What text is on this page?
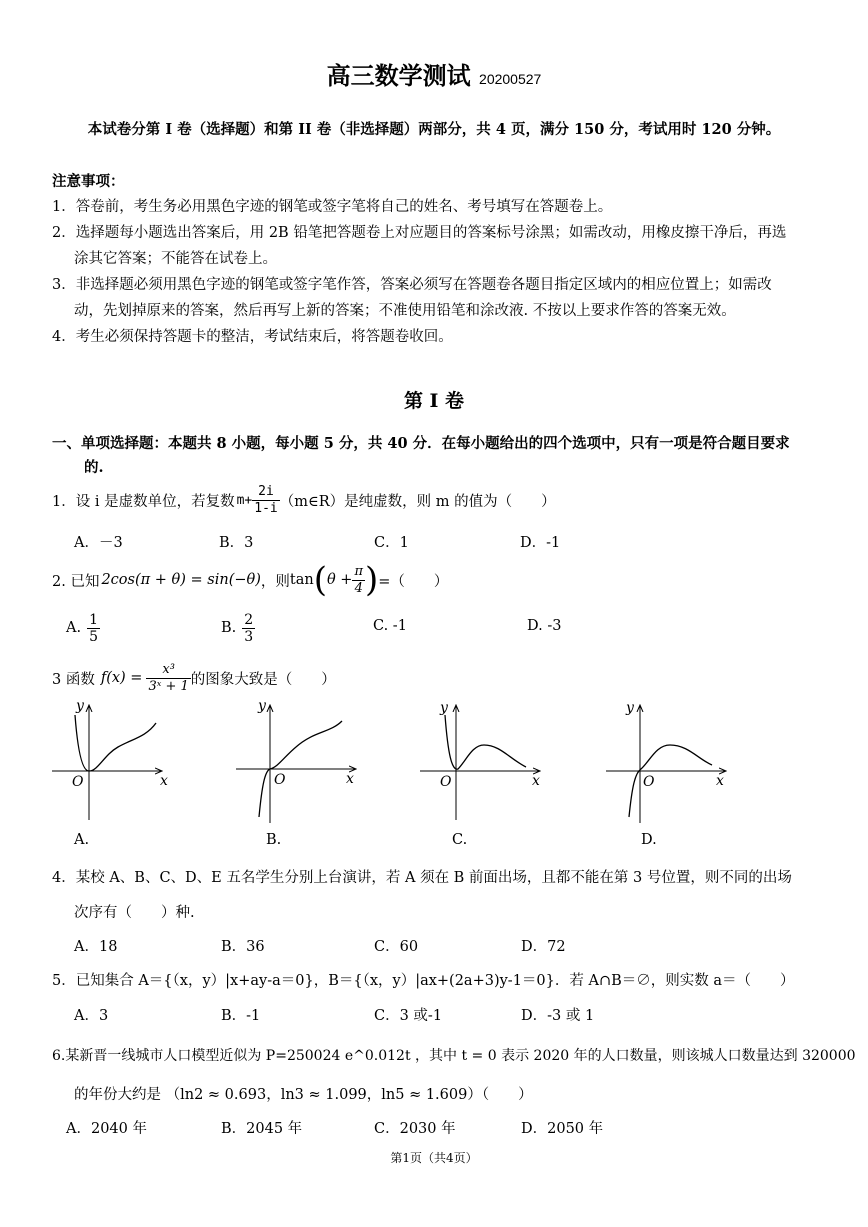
高三数学测试 20200527
本试卷分第 I 卷（选择题）和第 II 卷（非选择题）两部分，共 4 页，满分 150 分，考试用时 120 分钟。
注意事项：
1．答卷前，考生务必用黑色字迹的钢笔或签字笔将自己的姓名、考号填写在答题卷上。
2．选择题每小题选出答案后，用 2B 铅笔把答题卷上对应题目的答案标号涂黑；如需改动，用橡皮擦干净后，再选
涂其它答案；不能答在试卷上。
3．非选择题必须用黑色字迹的钢笔或签字笔作答，答案必须写在答题卷各题目指定区域内的相应位置上；如需改
动，先划掉原来的答案，然后再写上新的答案；不准使用铅笔和涂改液. 不按以上要求作答的答案无效。
4．考生必须保持答题卡的整洁，考试结束后，将答题卷收回。
第 I 卷
一、单项选择题：本题共 8 小题，每小题 5 分，共 40 分．在每小题给出的四个选项中，只有一项是符合题目要求
的.
1．设 i 是虚数单位，若复数 $m+ \frac{2i}{1-i}$ （m∈R）是纯虚数，则 m 的值为（　　）
A．－3	B．3	C．1	D．-1
2. 已知 2cos(π + θ) = sin(−θ) ，则 tan ( $\theta + \frac{\pi}{4}$ ) =（　　）
A. $\frac{1}{5}$	B. $\frac{2}{3}$	C. -1	D. -3
3 函数 $f(x) = \frac{\text{x³}}{\text{3ˣ + 1}}$ 的图象大致是（　　）
y
O	x
y
O	x
y
O	x
y
O	x
A.	B.	C.	D.
4．某校 A、B、C、D、E 五名学生分别上台演讲，若 A 须在 B 前面出场，且都不能在第 3 号位置，则不同的出场
次序有（　　）种.
A．18	B．36	C．60	D．72
5．已知集合 A＝{（x，y）|x+ay-a＝0}，B＝{（x，y）|ax+(2a+3)y-1＝0}．若 A∩B＝∅，则实数 a＝（　　）
A．3	B．-1	C．3 或-1	D．-3 或 1
6.某新晋一线城市人口模型近似为 P=250024 e^0.012t ，其中 t = 0 表示 2020 年的人口数量，则该城人口数量达到 320000
的年份大约是 （ln2 ≈ 0.693，ln3 ≈ 1.099，ln5 ≈ 1.609）（　　）
A．2040 年	B．2045 年	C．2030 年	D．2050 年
第1页（共4页）
